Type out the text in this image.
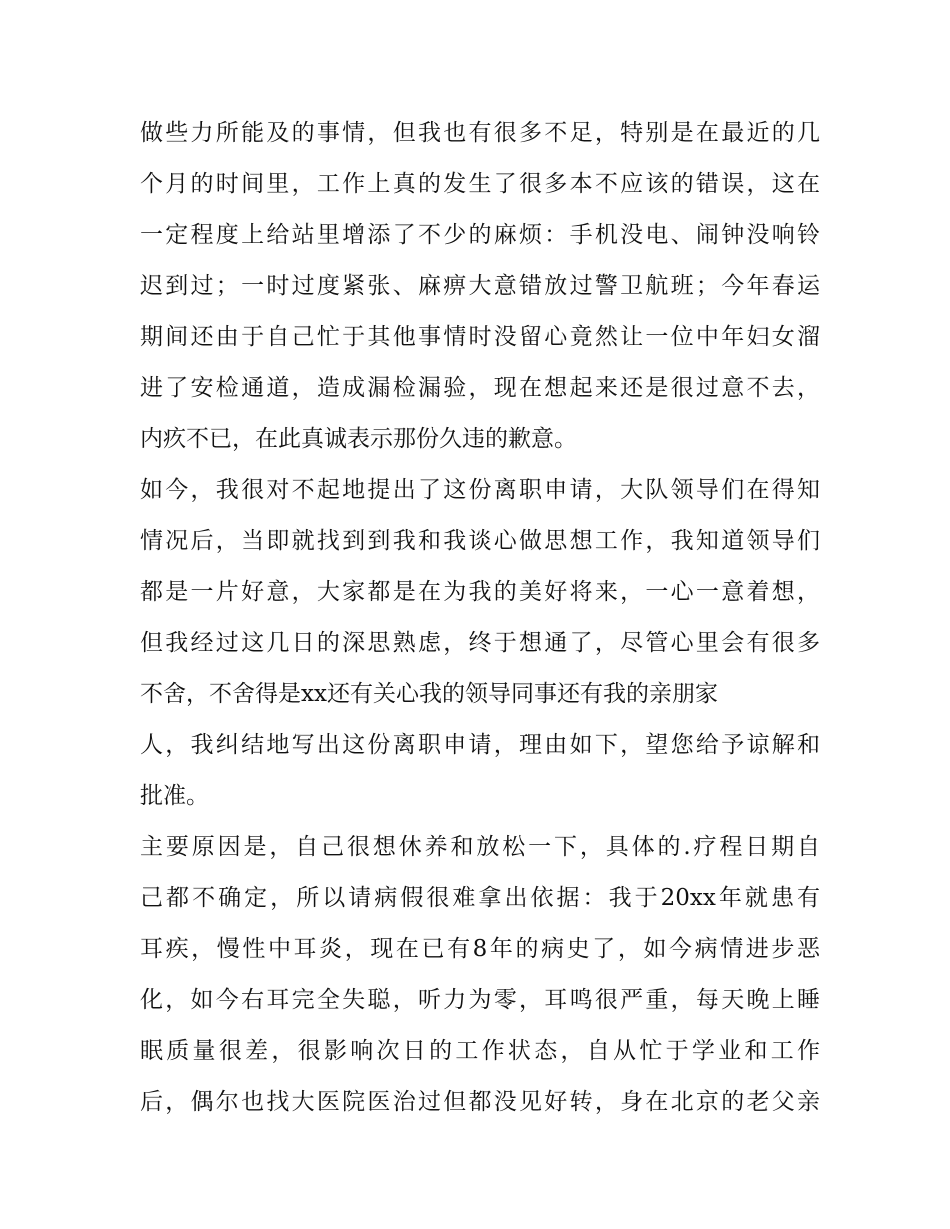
做些力所能及的事情，但我也有很多不足，特别是在最近的几
个月的时间里，工作上真的发生了很多本不应该的错误，这在
一定程度上给站里增添了不少的麻烦：手机没电、闹钟没响铃
迟到过；一时过度紧张、麻痹大意错放过警卫航班；今年春运
期间还由于自己忙于其他事情时没留心竟然让一位中年妇女溜
进了安检通道，造成漏检漏验，现在想起来还是很过意不去，
内疚不已，在此真诚表示那份久违的歉意。
如今，我很对不起地提出了这份离职申请，大队领导们在得知
情况后，当即就找到到我和我谈心做思想工作，我知道领导们
都是一片好意，大家都是在为我的美好将来，一心一意着想，
但我经过这几日的深思熟虑，终于想通了，尽管心里会有很多
不舍，不舍得是xx还有关心我的领导同事还有我的亲朋家
人，我纠结地写出这份离职申请，理由如下，望您给予谅解和
批准。
主要原因是，自己很想休养和放松一下，具体的.疗程日期自
己都不确定，所以请病假很难拿出依据：我于20xx年就患有
耳疾，慢性中耳炎，现在已有8年的病史了，如今病情进步恶
化，如今右耳完全失聪，听力为零，耳鸣很严重，每天晚上睡
眠质量很差，很影响次日的工作状态，自从忙于学业和工作
后，偶尔也找大医院医治过但都没见好转，身在北京的老父亲
